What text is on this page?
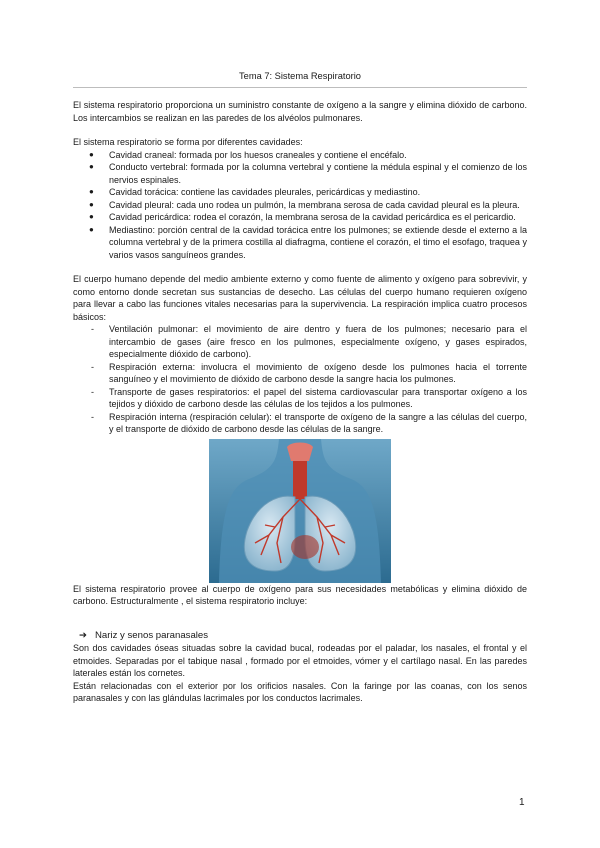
Tema 7: Sistema Respiratorio

El sistema respiratorio proporciona un suministro constante de oxígeno a la sangre y elimina dióxido de carbono. Los intercambios se realizan en las paredes de los alvéolos pulmonares.

El sistema respiratorio se forma por diferentes cavidades:

● Cavidad craneal: formada por los huesos craneales y contiene el encéfalo.
● Conducto vertebral: formada por la columna vertebral y contiene la médula espinal y el comienzo de los nervios espinales.
● Cavidad torácica: contiene las cavidades pleurales, pericárdicas y mediastino.
● Cavidad pleural: cada uno rodea un pulmón, la membrana serosa de cada cavidad pleural es la pleura.
● Cavidad pericárdica: rodea el corazón, la membrana serosa de la cavidad pericárdica es el pericardio.
● Mediastino: porción central de la cavidad torácica entre los pulmones; se extiende desde el externo a la columna vertebral y de la primera costilla al diafragma, contiene el corazón, el timo el esofago, traquea y varios vasos sanguíneos grandes.

El cuerpo humano depende del medio ambiente externo y como fuente de alimento y oxígeno para sobrevivir, y como entorno donde secretan sus sustancias de desecho. Las células del cuerpo humano requieren oxígeno para llevar a cabo las funciones vitales necesarias para la supervivencia. La respiración implica cuatro procesos básicos:

- Ventilación pulmonar: el movimiento de aire dentro y fuera de los pulmones; necesario para el intercambio de gases (aire fresco en los pulmones, especialmente oxígeno, y gases espirados, especialmente dióxido de carbono).
- Respiración externa: involucra el movimiento de oxígeno desde los pulmones hacia el torrente sanguíneo y el movimiento de dióxido de carbono desde la sangre hacia los pulmones.
- Transporte de gases respiratorios: el papel del sistema cardiovascular para transportar oxígeno a los tejidos y dióxido de carbono desde las células de los tejidos a los pulmones.
- Respiración interna (respiración celular): el transporte de oxígeno de la sangre a las células del cuerpo, y el transporte de dióxido de carbono desde las células de la sangre.

El sistema respiratorio provee al cuerpo de oxígeno para sus necesidades metabólicas y elimina dióxido de carbono. Estructuralmente , el sistema respiratorio incluye:

➔ Nariz y senos paranasales

Son dos cavidades óseas situadas sobre la cavidad bucal, rodeadas por el paladar, los nasales, el frontal y el etmoides. Separadas por el tabique nasal , formado por el etmoides, vómer y el cartílago nasal. En las paredes laterales están los cornetes.

Están relacionadas con el exterior por los orificios nasales. Con la faringe por las coanas, con los senos paranasales y con las glándulas lacrimales por los conductos lacrimales.

1
